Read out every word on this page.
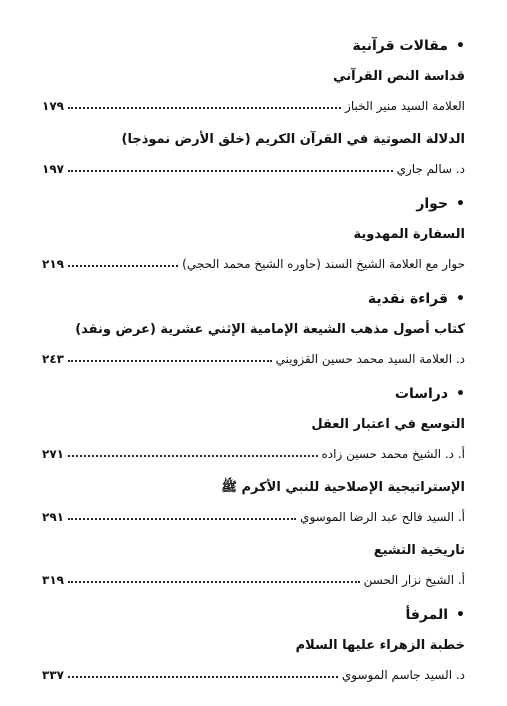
•
مقالات قرآنية
قداسة النص القرآني
العلامة السيد منير الخباز
١٧٩
الدلالة الصوتية في القرآن الكريم (خلق الأرض نموذجا)
د. سالم جاري
١٩٧
•
حوار
السفارة المهدوية
حوار مع العلامة الشيخ السند (حاوره الشيخ محمد الحجي)
٢١٩
•
قراءة نقدية
كتاب أصول مذهب الشيعة الإمامية الإثني عشرية (عرض ونقد)
د. العلامة السيد محمد حسين القزويني
٢٤٣
•
دراسات
التوسع في اعتبار العقل
أ. د. الشيخ محمد حسين زاده
٢٧١
الإستراتيجية الإصلاحية للنبي الأكرم ﷺ
أ. السيد فالح عبد الرضا الموسوي
٢٩١
تاريخية التشيع
أ. الشيخ نزار الحسن
٣١٩
•
المرفأ
خطبة الزهراء عليها السلام
د. السيد جاسم الموسوي
٣٣٧
